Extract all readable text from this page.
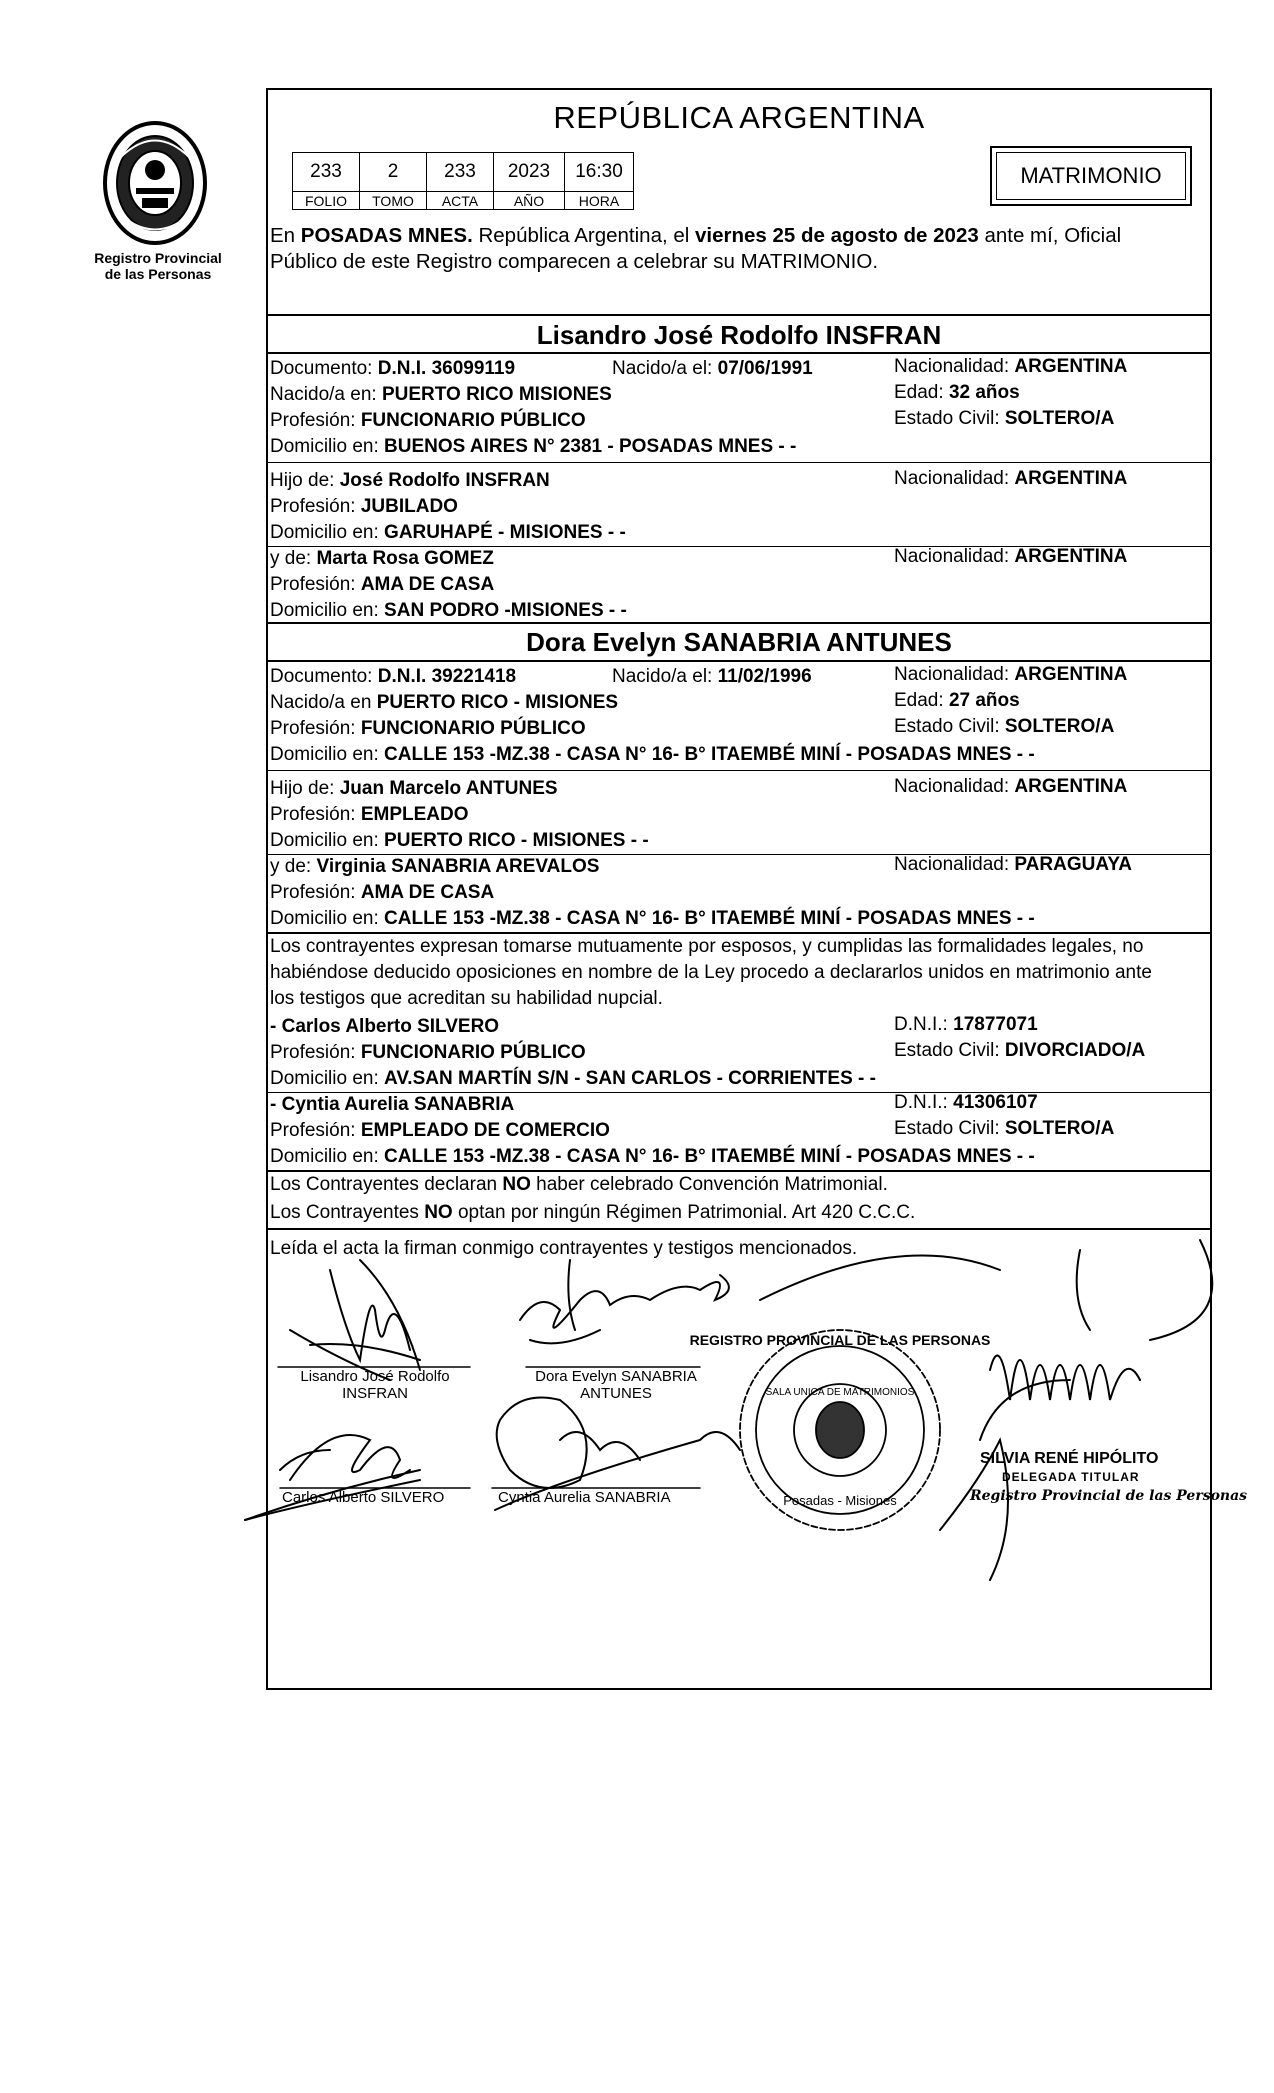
Registro Provincial
de las Personas
REPÚBLICA ARGENTINA
233	2	233	2023	16:30
FOLIO	TOMO	ACTA	AÑO	HORA
MATRIMONIO
En POSADAS MNES. República Argentina, el viernes 25 de agosto de 2023 ante mí, Oficial
Público de este Registro comparecen a celebrar su MATRIMONIO.
Lisandro José Rodolfo INSFRAN
Documento: D.N.I. 36099119	Nacido/a el: 07/06/1991	Nacionalidad: ARGENTINA
Nacido/a en: PUERTO RICO MISIONES	Edad: 32 años
Profesión: FUNCIONARIO PÚBLICO	Estado Civil: SOLTERO/A
Domicilio en: BUENOS AIRES N° 2381 - POSADAS MNES - -
Hijo de: José Rodolfo INSFRAN	Nacionalidad: ARGENTINA
Profesión: JUBILADO
Domicilio en: GARUHAPÉ - MISIONES - -
y de: Marta Rosa GOMEZ	Nacionalidad: ARGENTINA
Profesión: AMA DE CASA
Domicilio en: SAN PODRO -MISIONES - -
Dora Evelyn SANABRIA ANTUNES
Documento: D.N.I. 39221418	Nacido/a el: 11/02/1996	Nacionalidad: ARGENTINA
Nacido/a en PUERTO RICO - MISIONES	Edad: 27 años
Profesión: FUNCIONARIO PÚBLICO	Estado Civil: SOLTERO/A
Domicilio en: CALLE 153 -MZ.38 - CASA N° 16- B° ITAEMBÉ MINÍ - POSADAS MNES - -
Hijo de: Juan Marcelo ANTUNES	Nacionalidad: ARGENTINA
Profesión: EMPLEADO
Domicilio en: PUERTO RICO - MISIONES - -
y de: Virginia SANABRIA AREVALOS	Nacionalidad: PARAGUAYA
Profesión: AMA DE CASA
Domicilio en: CALLE 153 -MZ.38 - CASA N° 16- B° ITAEMBÉ MINÍ - POSADAS MNES - -
Los contrayentes expresan tomarse mutuamente por esposos, y cumplidas las formalidades legales, no
habiéndose deducido oposiciones en nombre de la Ley procedo a declararlos unidos en matrimonio ante
los testigos que acreditan su habilidad nupcial.
- Carlos Alberto SILVERO	D.N.I.: 17877071
Profesión: FUNCIONARIO PÚBLICO	Estado Civil: DIVORCIADO/A
Domicilio en: AV.SAN MARTÍN S/N - SAN CARLOS - CORRIENTES - -
- Cyntia Aurelia SANABRIA	D.N.I.: 41306107
Profesión: EMPLEADO DE COMERCIO	Estado Civil: SOLTERO/A
Domicilio en: CALLE 153 -MZ.38 - CASA N° 16- B° ITAEMBÉ MINÍ - POSADAS MNES - -
Los Contrayentes declaran NO haber celebrado Convención Matrimonial.
Los Contrayentes NO optan por ningún Régimen Patrimonial. Art 420 C.C.C.
Leída el acta la firman conmigo contrayentes y testigos mencionados.
REGISTRO PROVINCIAL DE LAS PERSONAS
SALA UNICA DE MATRIMONIOS
Posadas - Misiones
Lisandro José Rodolfo
INSFRAN
Dora Evelyn SANABRIA
ANTUNES
Carlos Alberto SILVERO	Cyntia Aurelia SANABRIA
SILVIA RENÉ HIPÓLITO
DELEGADA TITULAR
Registro Provincial de las Personas
